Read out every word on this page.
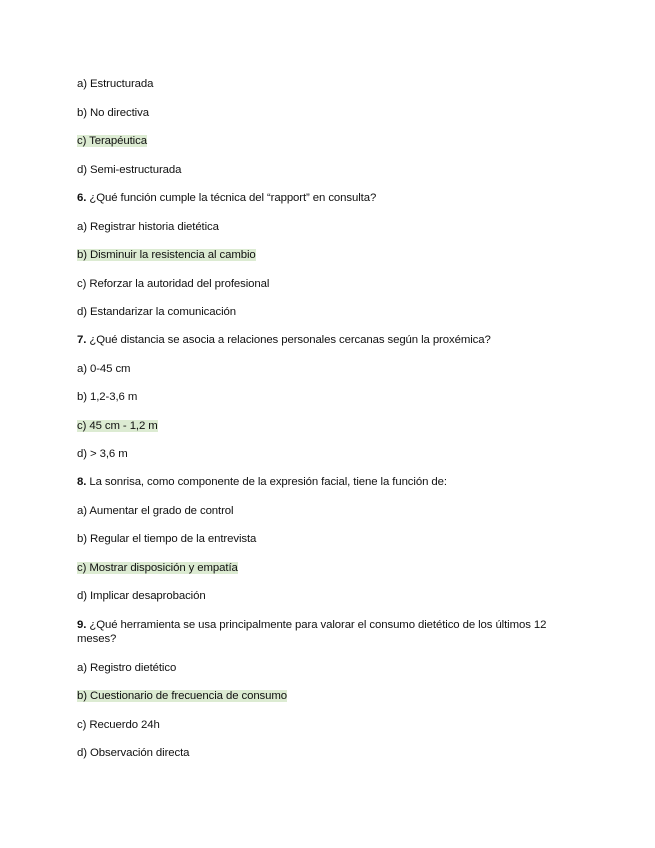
a) Estructurada
b) No directiva
c) Terapéutica
d) Semi-estructurada
6. ¿Qué función cumple la técnica del “rapport” en consulta?
a) Registrar historia dietética
b) Disminuir la resistencia al cambio
c) Reforzar la autoridad del profesional
d) Estandarizar la comunicación
7. ¿Qué distancia se asocia a relaciones personales cercanas según la proxémica?
a) 0-45 cm
b) 1,2-3,6 m
c) 45 cm - 1,2 m
d) > 3,6 m
8. La sonrisa, como componente de la expresión facial, tiene la función de:
a) Aumentar el grado de control
b) Regular el tiempo de la entrevista
c) Mostrar disposición y empatía
d) Implicar desaprobación
9. ¿Qué herramienta se usa principalmente para valorar el consumo dietético de los últimos 12 meses?
a) Registro dietético
b) Cuestionario de frecuencia de consumo
c) Recuerdo 24h
d) Observación directa
